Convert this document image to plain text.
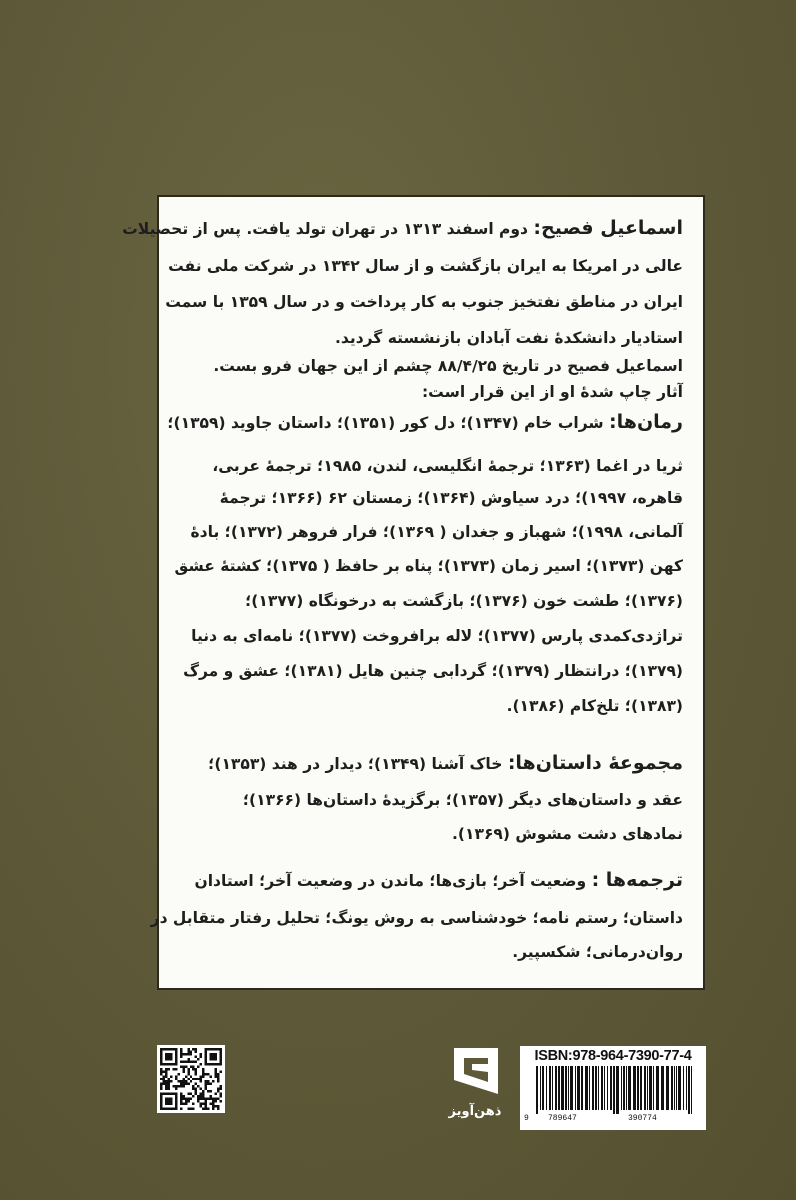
اسماعیل فصیح: دوم اسفند ۱۳۱۳ در تهران تولد یافت. پس از تحصیلات
عالی در امریکا به ایران بازگشت و از سال ۱۳۴۲ در شرکت ملی نفت
ایران در مناطق نفتخیز جنوب به کار پرداخت و در سال ۱۳۵۹ با سمت
استادیار دانشکدهٔ نفت آبادان بازنشسته گردید.
اسماعیل فصیح در تاریخ ۸۸/۴/۲۵ چشم از این جهان فرو بست.
آثار چاپ شدهٔ او از این قرار است:
رمان‌ها: شراب خام (۱۳۴۷)؛ دل کور (۱۳۵۱)؛ داستان جاوید (۱۳۵۹)؛
ثریا در اغما (۱۳۶۳؛ ترجمهٔ انگلیسی، لندن، ۱۹۸۵؛ ترجمهٔ عربی،
قاهره، ۱۹۹۷)؛ درد سیاوش (۱۳۶۴)؛ زمستان ۶۲ (۱۳۶۶؛ ترجمهٔ
آلمانی، ۱۹۹۸)؛ شهباز و جغدان ( ۱۳۶۹)؛ فرار فروهر (۱۳۷۲)؛ بادهٔ
کهن (۱۳۷۳)؛ اسیر زمان (۱۳۷۳)؛ پناه بر حافظ ( ۱۳۷۵)؛ کشتهٔ عشق
(۱۳۷۶)؛ طشت خون (۱۳۷۶)؛ بازگشت به درخونگاه (۱۳۷۷)؛
تراژدی‌کمدی پارس (۱۳۷۷)؛ لاله برافروخت (۱۳۷۷)؛ نامه‌ای به دنیا
(۱۳۷۹)؛ درانتظار (۱۳۷۹)؛ گردابی چنین هایل (۱۳۸۱)؛ عشق و مرگ
(۱۳۸۳)؛ تلخ‌کام (۱۳۸۶).
مجموعهٔ داستان‌ها: خاک آشنا (۱۳۴۹)؛ دیدار در هند (۱۳۵۳)؛
عقد و داستان‌های دیگر (۱۳۵۷)؛ برگزیدهٔ داستان‌ها (۱۳۶۶)؛
نمادهای دشت مشوش (۱۳۶۹).
ترجمه‌ها : وضعیت آخر؛ بازی‌ها؛ ماندن در وضعیت آخر؛ استادان
داستان؛ رستم نامه؛ خودشناسی به روش یونگ؛ تحلیل رفتار متقابل در
روان‌درمانی؛ شکسپیر.
ذهن‌آویز
ISBN:978-964-7390-77-4
9 789647	390774
